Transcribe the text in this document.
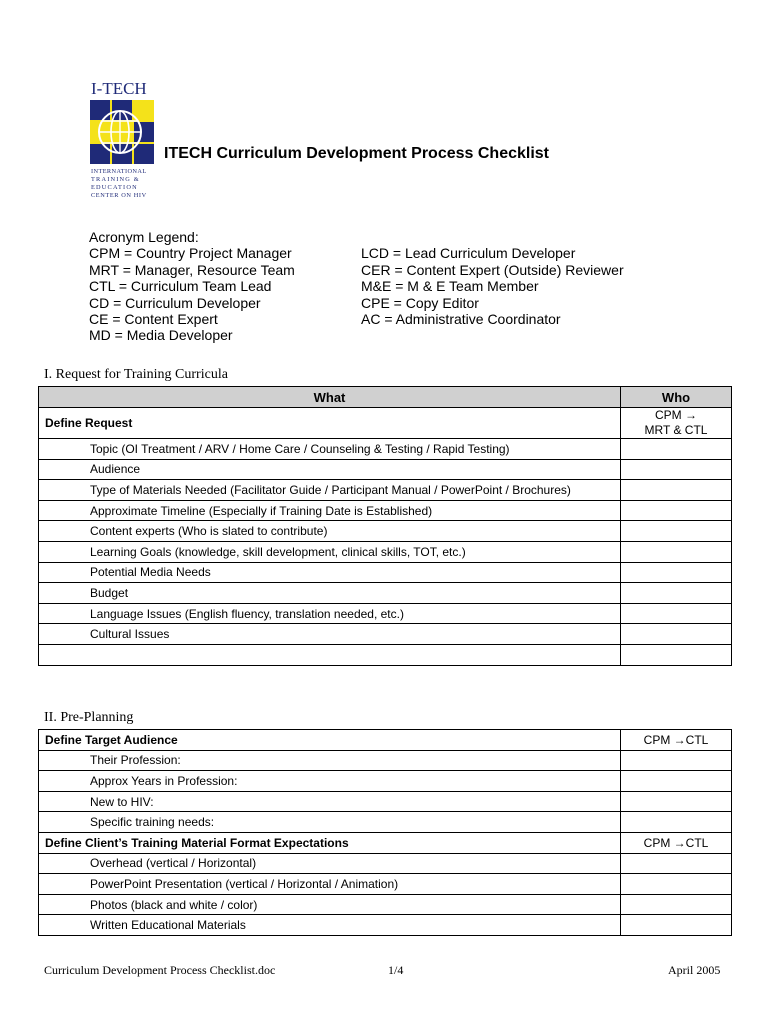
I-TECH
INTERNATIONAL
TRAINING &
EDUCATION
CENTER ON HIV
ITECH Curriculum Development Process Checklist
Acronym Legend:
CPM = Country Project Manager
MRT = Manager, Resource Team
CTL = Curriculum Team Lead
CD = Curriculum Developer
CE = Content Expert
MD = Media Developer
LCD = Lead Curriculum Developer
CER = Content Expert (Outside) Reviewer
M&E = M & E Team Member
CPE = Copy Editor
AC = Administrative Coordinator
I. Request for Training Curricula
What	Who
Define Request	CPM →
MRT & CTL

Topic (OI Treatment / ARV / Home Care / Counseling & Testing / Rapid Testing)	
Audience	
Type of Materials Needed (Facilitator Guide / Participant Manual / PowerPoint / Brochures)	
Approximate Timeline (Especially if Training Date is Established)	
Content experts (Who is slated to contribute)	
Learning Goals (knowledge, skill development, clinical skills, TOT, etc.)	
Potential Media Needs	
Budget	
Language Issues (English fluency, translation needed, etc.)	
Cultural Issues	

II. Pre-Planning
Define Target Audience	CPM →CTL
Their Profession:	
Approx Years in Profession:	
New to HIV:	
Specific training needs:	
Define Client’s Training Material Format Expectations	CPM →CTL
Overhead (vertical / Horizontal)	
PowerPoint Presentation (vertical / Horizontal / Animation)	
Photos (black and white / color)	
Written Educational Materials	
Curriculum Development Process Checklist.doc	1/4	April 2005
